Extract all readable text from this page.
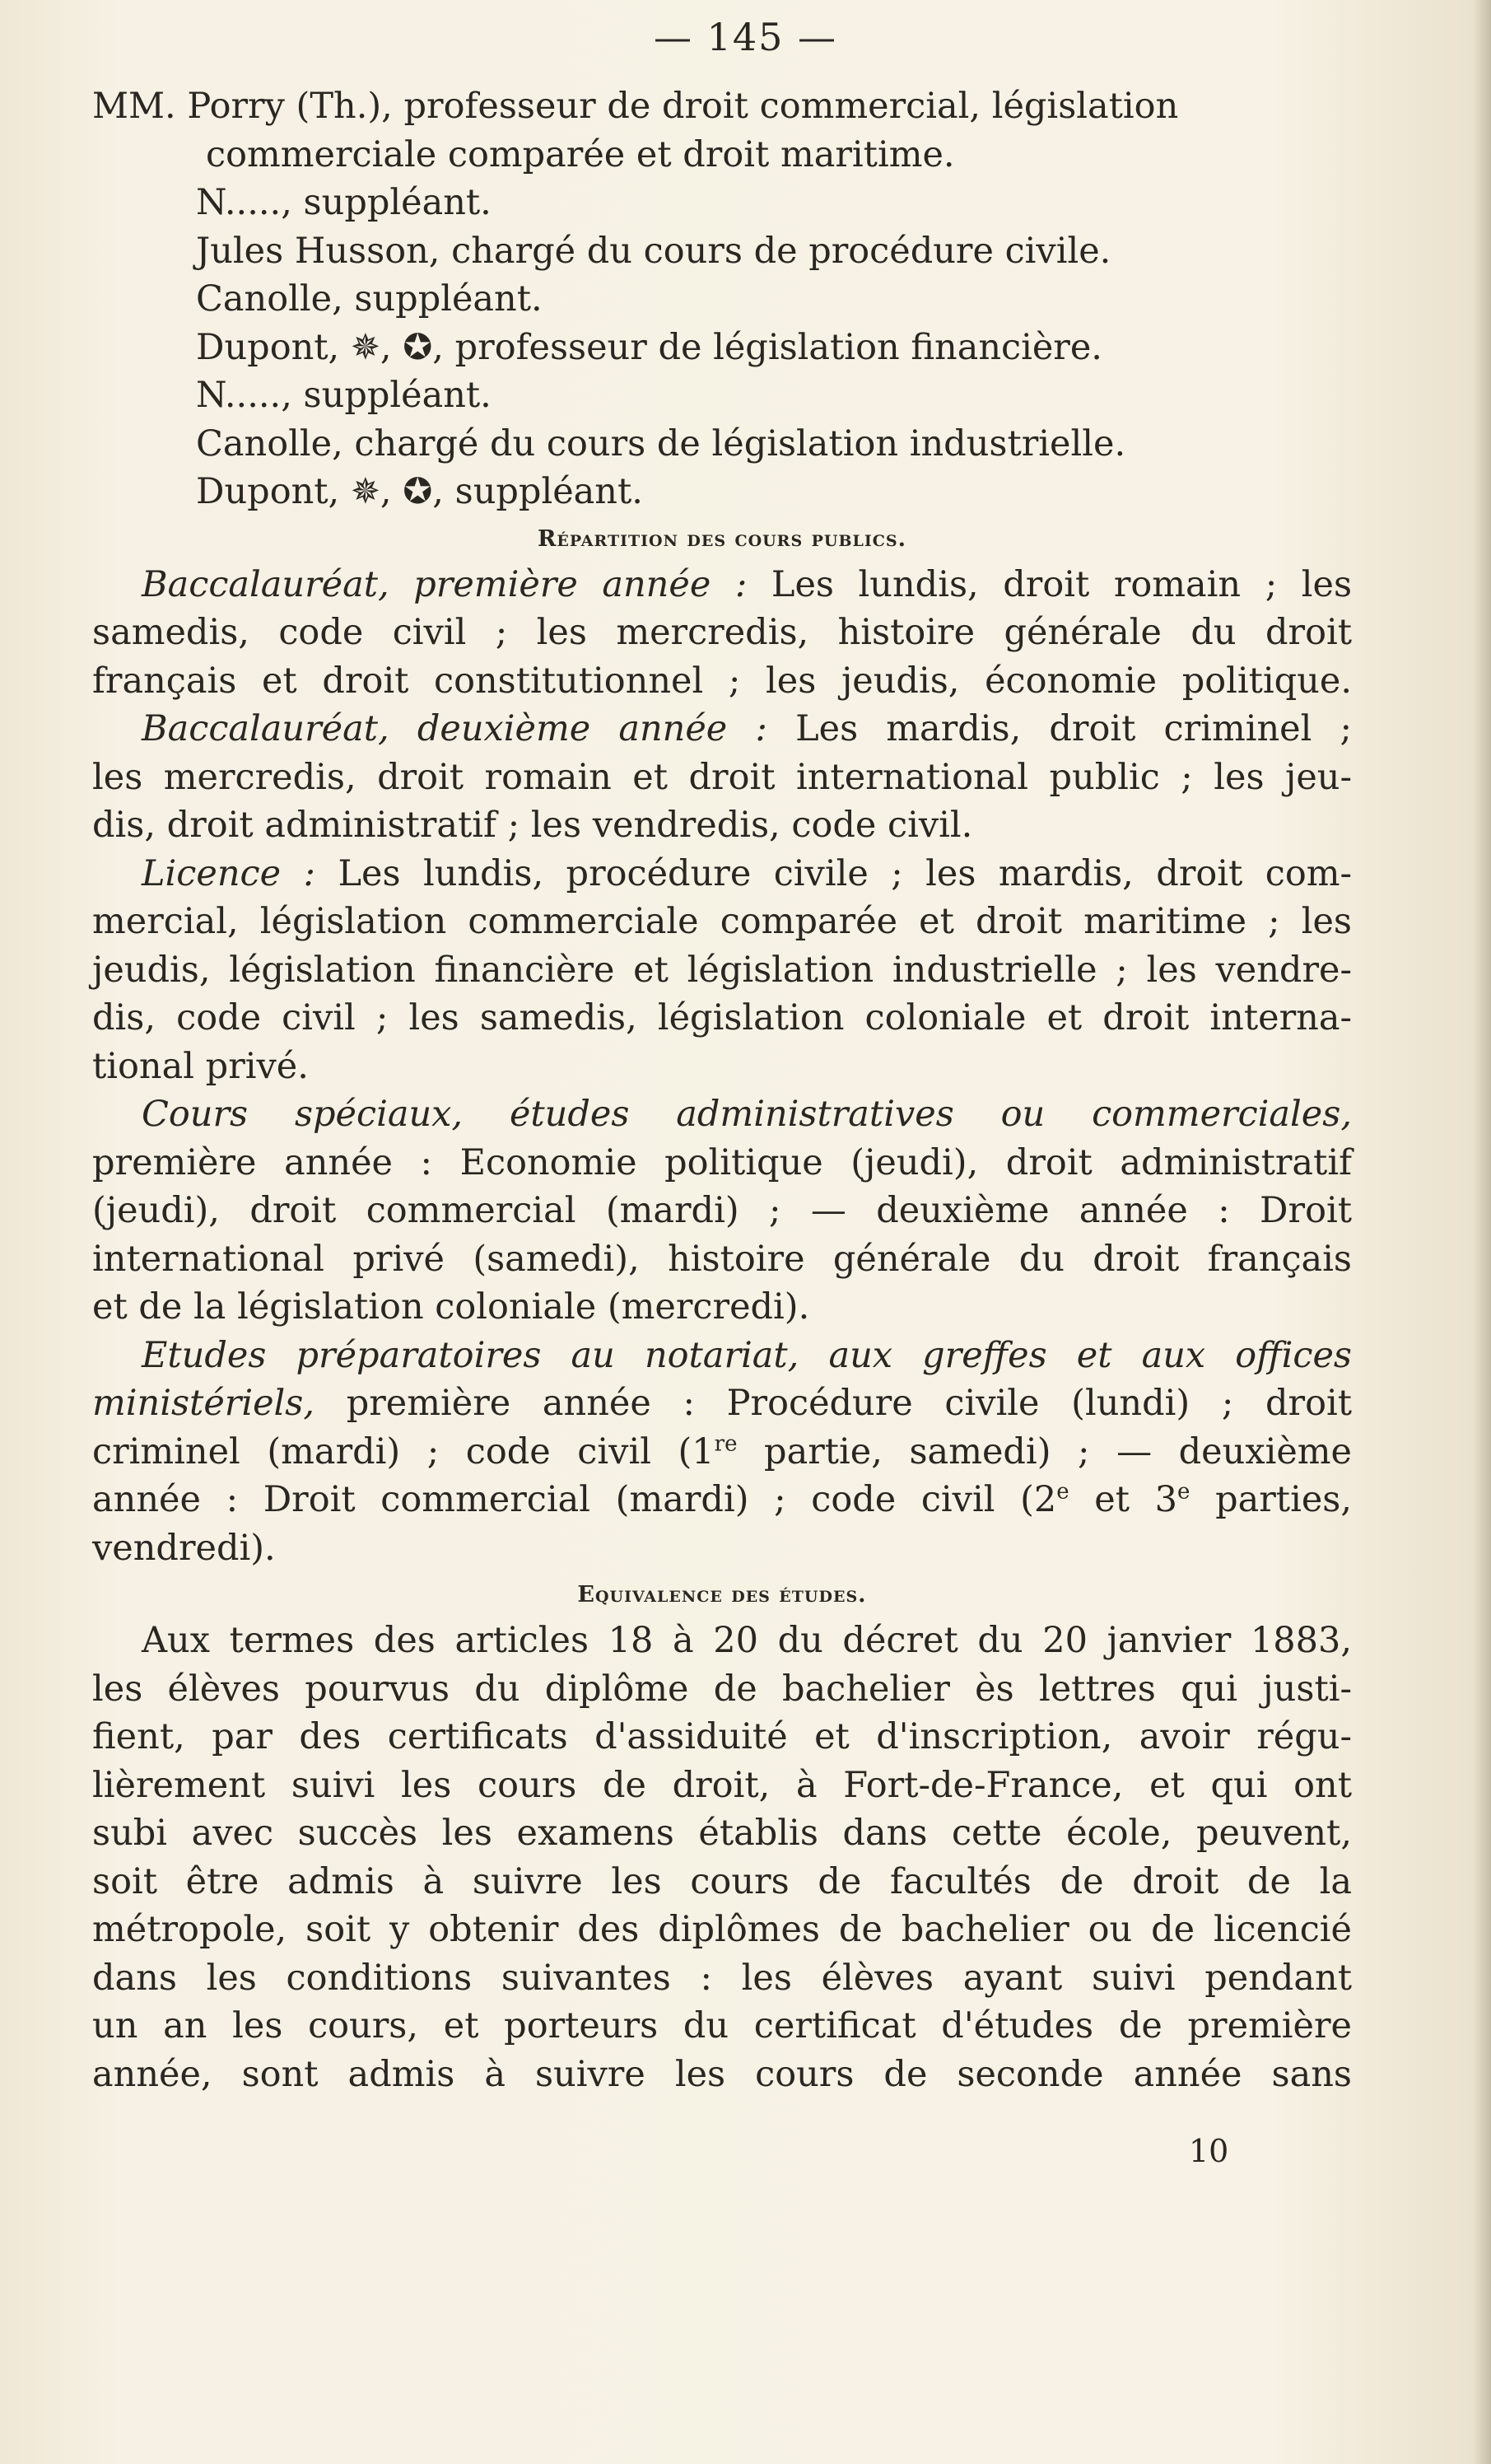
— 145 —
MM. Porry (Th.), professeur de droit commercial, législation
commerciale comparée et droit maritime.
N....., suppléant.
Jules Husson, chargé du cours de procédure civile.
Canolle, suppléant.
Dupont, ✵, ✪, professeur de législation financière.
N....., suppléant.
Canolle, chargé du cours de législation industrielle.
Dupont, ✵, ✪, suppléant.
Répartition des cours publics.
Baccalauréat, première année : Les lundis, droit romain ; les
samedis, code civil ; les mercredis, histoire générale du droit
français et droit constitutionnel ; les jeudis, économie politique.
Baccalauréat, deuxième année : Les mardis, droit criminel ;
les mercredis, droit romain et droit international public ; les jeu-
dis, droit administratif ; les vendredis, code civil.
Licence : Les lundis, procédure civile ; les mardis, droit com-
mercial, législation commerciale comparée et droit maritime ; les
jeudis, législation financière et législation industrielle ; les vendre-
dis, code civil ; les samedis, législation coloniale et droit interna-
tional privé.
Cours spéciaux, études administratives ou commerciales,
première année : Economie politique (jeudi), droit administratif
(jeudi), droit commercial (mardi) ; — deuxième année : Droit
international privé (samedi), histoire générale du droit français
et de la législation coloniale (mercredi).
Etudes préparatoires au notariat, aux greffes et aux offices
ministériels, première année : Procédure civile (lundi) ; droit
criminel (mardi) ; code civil (1re partie, samedi) ; — deuxième
année : Droit commercial (mardi) ; code civil (2e et 3e parties,
vendredi).
Equivalence des études.
Aux termes des articles 18 à 20 du décret du 20 janvier 1883,
les élèves pourvus du diplôme de bachelier ès lettres qui justi-
fient, par des certificats d'assiduité et d'inscription, avoir régu-
lièrement suivi les cours de droit, à Fort-de-France, et qui ont
subi avec succès les examens établis dans cette école, peuvent,
soit être admis à suivre les cours de facultés de droit de la
métropole, soit y obtenir des diplômes de bachelier ou de licencié
dans les conditions suivantes : les élèves ayant suivi pendant
un an les cours, et porteurs du certificat d'études de première
année, sont admis à suivre les cours de seconde année sans
10
